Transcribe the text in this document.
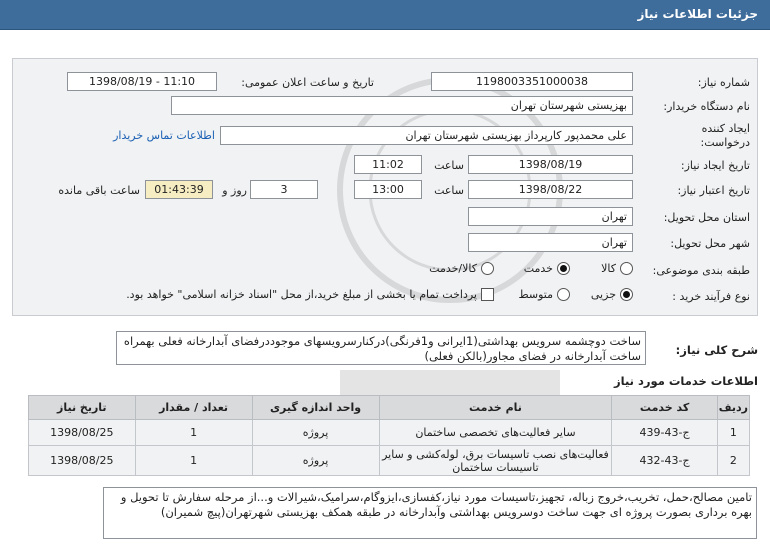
جزئیات اطلاعات نیاز
شماره نیاز:
1198003351000038
تاریخ و ساعت اعلان عمومی:
1398/08/19 - 11:10
نام دستگاه خریدار:
بهزیستی شهرستان تهران
ایجاد کننده درخواست:
علی محمدپور کارپرداز بهزیستی شهرستان تهران
اطلاعات تماس خریدار
تاریخ ایجاد نیاز:
1398/08/19
ساعت
11:02
تاریخ اعتبار نیاز:
1398/08/22
ساعت
13:00
3
روز و
01:43:39
ساعت باقی مانده
استان محل تحویل:
تهران
شهر محل تحویل:
تهران
طبقه بندی موضوعی:
کالا
خدمت
کالا/خدمت
نوع فرآیند خرید :
جزیی
متوسط
پرداخت تمام یا بخشی از مبلغ خرید،از محل "اسناد خزانه اسلامی" خواهد بود.
شرح کلی نیاز:
ساخت دوچشمه سرویس بهداشتی(1ایرانی و1فرنگی)درکنارسرویسهای موجوددرفضای آبدارخانه فعلی بهمراه ساخت آبدارخانه در فضای مجاور(بالکن فعلی)
اطلاعات خدمات مورد نیاز
ردیف	کد خدمت	نام خدمت	واحد اندازه گیری	تعداد / مقدار	تاریخ نیاز
1	ج-43-439	سایر فعالیت‌های تخصصی ساختمان	پروژه	1	1398/08/25
2	ج-43-432	فعالیت‌های نصب تاسیسات برق، لوله‌کشی و سایر تاسیسات ساختمان	پروژه	1	1398/08/25
تامین مصالح،حمل، تخریب،خروج زباله، تجهیز،تاسیسات مورد نیاز،کفسازی،ایزوگام،سرامیک،شیرالات و...از مرحله سفارش تا تحویل و بهره برداری بصورت پروژه ای جهت ساخت دوسرویس بهداشتی وآبدارخانه در طبقه همکف بهزیستی شهرتهران(پیچ شمیران)
